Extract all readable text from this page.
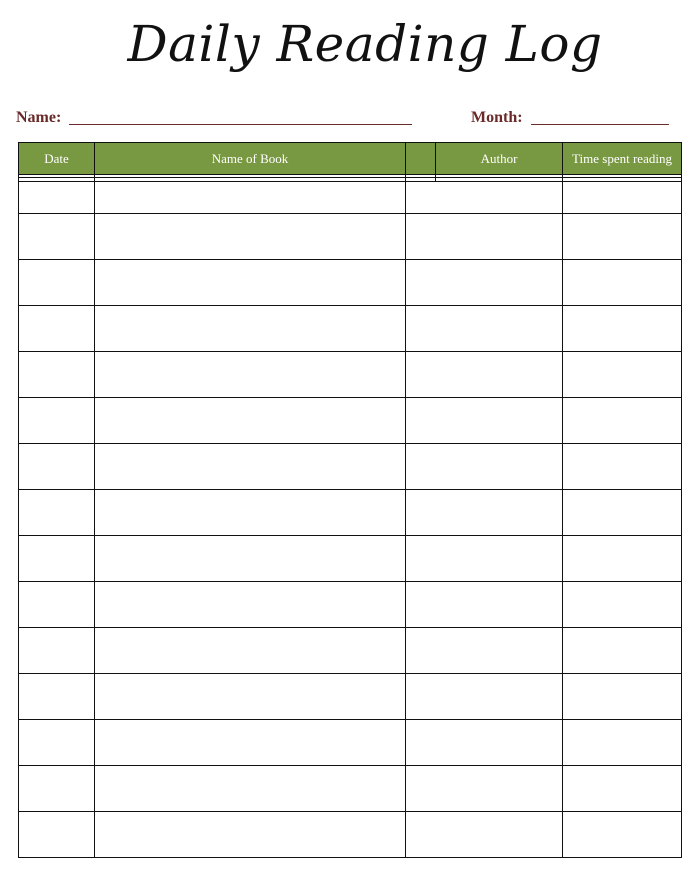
Daily Reading Log
Name:	Month:
Date	Name of Book		Author	Time spent reading
